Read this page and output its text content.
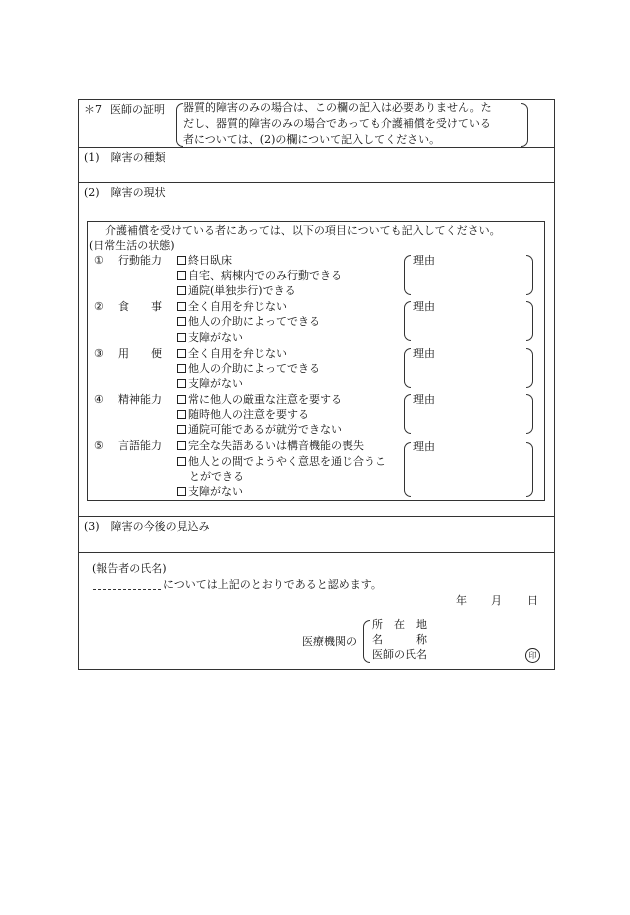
＊7 医師の証明 器質的障害のみの場合は、この欄の記入は必要ありません。た
だし、器質的障害のみの場合であっても介護補償を受けている
者については、(2)の欄について記入してください。
(1)　障害の種類
(2)　障害の現状
介護補償を受けている者にあっては、以下の項目についても記入してください。
(日常生活の状態)
① 行動能力	終日臥床
自宅、病棟内でのみ行動できる
通院(単独歩行)できる
理由
② 食　　事	全く自用を弁じない
他人の介助によってできる
支障がない
理由
③ 用　　便	全く自用を弁じない
他人の介助によってできる
支障がない
理由
④ 精神能力	常に他人の厳重な注意を要する
随時他人の注意を要する
通院可能であるが就労できない
理由
⑤ 言語能力	完全な失語あるいは構音機能の喪失
他人との間でようやく意思を通じ合うこ
とができる
支障がない
理由
(3)　障害の今後の見込み
(報告者の氏名)
については上記のとおりであると認めます。
年 月 日
医療機関の
所　在　地
名　　　称
医師の氏名	印
